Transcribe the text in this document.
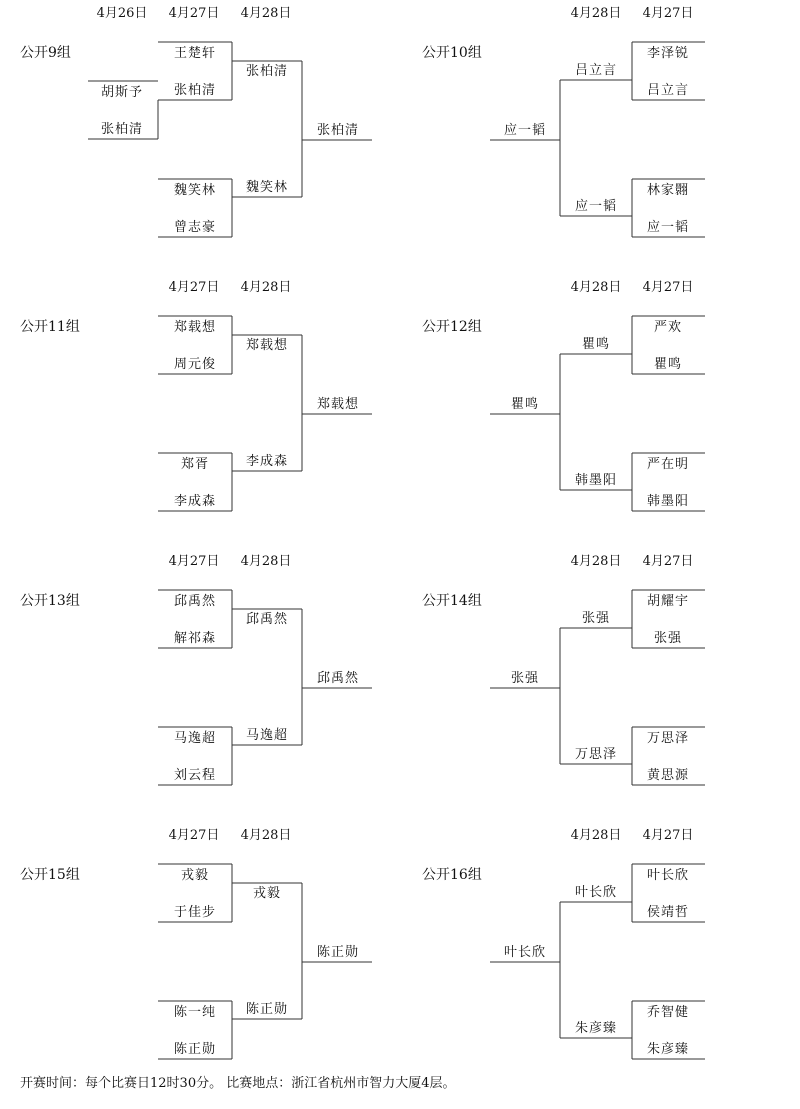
公开9组
4月26日 4月27日 4月28日
王楚轩
张柏清
魏笑林
曾志豪
胡斯予
张柏清
张柏清
魏笑林
张柏清
公开10组
4月28日 4月27日
李泽锐
吕立言
林家翾
应一韬
吕立言
应一韬
应一韬
公开11组
4月27日 4月28日
郑载想
周元俊
郑胥
李成森
郑载想
李成森
郑载想
公开12组
4月28日 4月27日
严欢
瞿鸣
严在明
韩墨阳
瞿鸣
韩墨阳
瞿鸣
公开13组
4月27日 4月28日
邱禹然
解祁森
马逸超
刘云程
邱禹然
马逸超
邱禹然
公开14组
4月28日 4月27日
胡耀宇
张强
万思泽
黄思源
张强
万思泽
张强
公开15组
4月27日 4月28日
戎毅
于佳步
陈一纯
陈正勋
戎毅
陈正勋
陈正勋
公开16组
4月28日 4月27日
叶长欣
侯靖哲
乔智健
朱彦臻
叶长欣
朱彦臻
叶长欣
开赛时间：每个比赛日12时30分。 比赛地点：浙江省杭州市智力大厦4层。
